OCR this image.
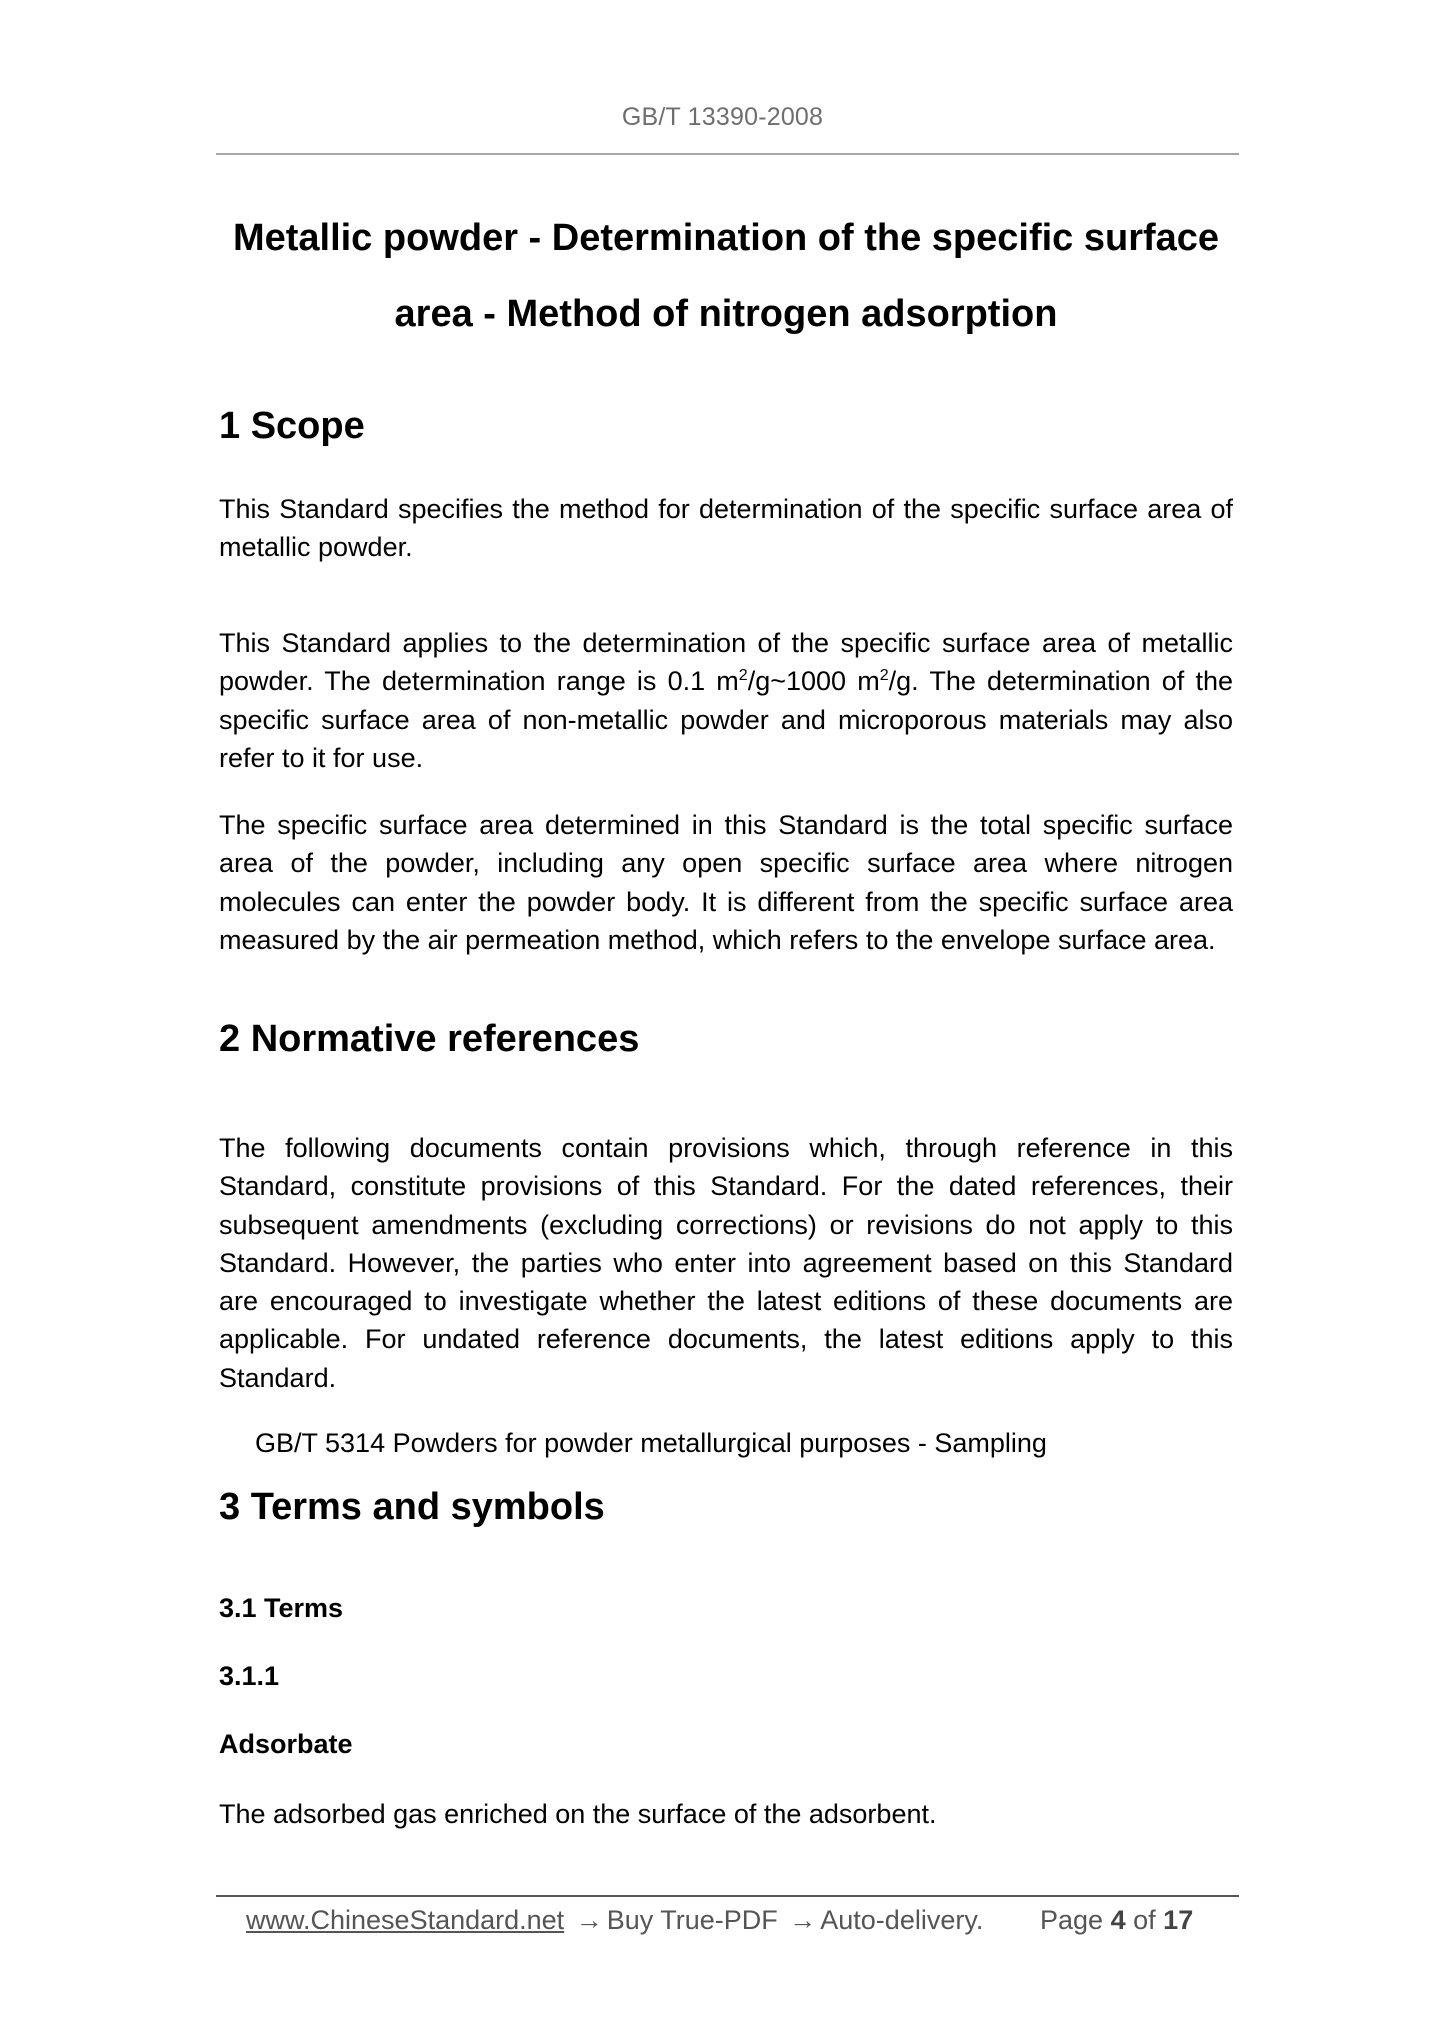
GB/T 13390-2008
Metallic powder - Determination of the specific surface
area - Method of nitrogen adsorption
1 Scope
This Standard specifies the method for determination of the specific surface area of metallic powder.
This Standard applies to the determination of the specific surface area of metallic powder. The determination range is 0.1 $m^2/g\sim 1000$ $m^2/g$. The determination of the specific surface area of non-metallic powder and microporous materials may also refer to it for use.
The specific surface area determined in this Standard is the total specific surface area of the powder, including any open specific surface area where nitrogen molecules can enter the powder body. It is different from the specific surface area measured by the air permeation method, which refers to the envelope surface area.
2 Normative references
The following documents contain provisions which, through reference in this Standard, constitute provisions of this Standard. For the dated references, their subsequent amendments (excluding corrections) or revisions do not apply to this Standard. However, the parties who enter into agreement based on this Standard are encouraged to investigate whether the latest editions of these documents are applicable. For undated reference documents, the latest editions apply to this Standard.
GB/T 5314 Powders for powder metallurgical purposes - Sampling
3 Terms and symbols
3.1 Terms
3.1.1
Adsorbate
The adsorbed gas enriched on the surface of the adsorbent.
www.ChineseStandard.net → Buy True-PDF → Auto-delivery. Page 4 of 17
